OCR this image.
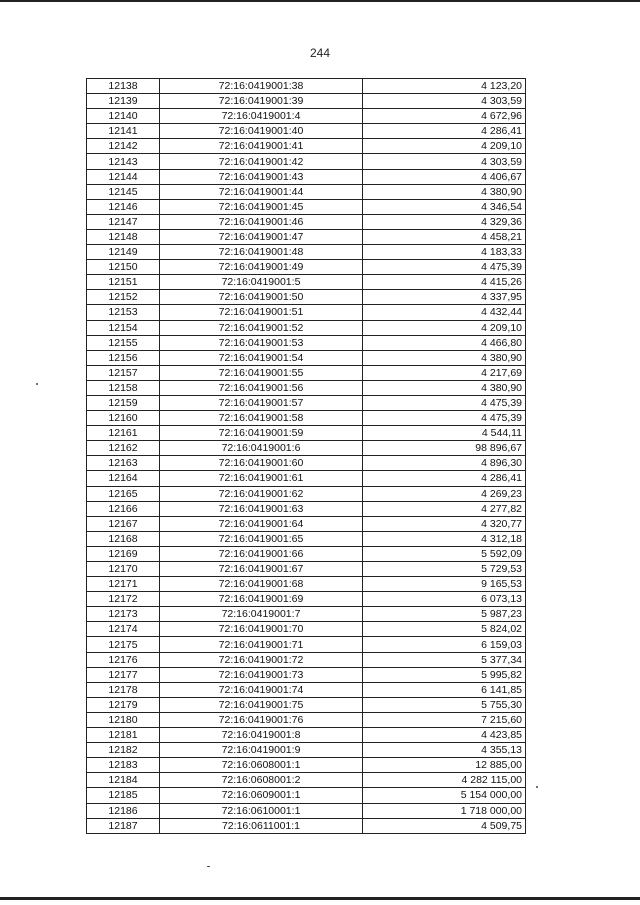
244
12138	72:16:0419001:38	4 123,20
12139	72:16:0419001:39	4 303,59
12140	72:16:0419001:4	4 672,96
12141	72:16:0419001:40	4 286,41
12142	72:16:0419001:41	4 209,10
12143	72:16:0419001:42	4 303,59
12144	72:16:0419001:43	4 406,67
12145	72:16:0419001:44	4 380,90
12146	72:16:0419001:45	4 346,54
12147	72:16:0419001:46	4 329,36
12148	72:16:0419001:47	4 458,21
12149	72:16:0419001:48	4 183,33
12150	72:16:0419001:49	4 475,39
12151	72:16:0419001:5	4 415,26
12152	72:16:0419001:50	4 337,95
12153	72:16:0419001:51	4 432,44
12154	72:16:0419001:52	4 209,10
12155	72:16:0419001:53	4 466,80
12156	72:16:0419001:54	4 380,90
12157	72:16:0419001:55	4 217,69
12158	72:16:0419001:56	4 380,90
12159	72:16:0419001:57	4 475,39
12160	72:16:0419001:58	4 475,39
12161	72:16:0419001:59	4 544,11
12162	72:16:0419001:6	98 896,67
12163	72:16:0419001:60	4 896,30
12164	72:16:0419001:61	4 286,41
12165	72:16:0419001:62	4 269,23
12166	72:16:0419001:63	4 277,82
12167	72:16:0419001:64	4 320,77
12168	72:16:0419001:65	4 312,18
12169	72:16:0419001:66	5 592,09
12170	72:16:0419001:67	5 729,53
12171	72:16:0419001:68	9 165,53
12172	72:16:0419001:69	6 073,13
12173	72:16:0419001:7	5 987,23
12174	72:16:0419001:70	5 824,02
12175	72:16:0419001:71	6 159,03
12176	72:16:0419001:72	5 377,34
12177	72:16:0419001:73	5 995,82
12178	72:16:0419001:74	6 141,85
12179	72:16:0419001:75	5 755,30
12180	72:16:0419001:76	7 215,60
12181	72:16:0419001:8	4 423,85
12182	72:16:0419001:9	4 355,13
12183	72:16:0608001:1	12 885,00
12184	72:16:0608001:2	4 282 115,00
12185	72:16:0609001:1	5 154 000,00
12186	72:16:0610001:1	1 718 000,00
12187	72:16:0611001:1	4 509,75
